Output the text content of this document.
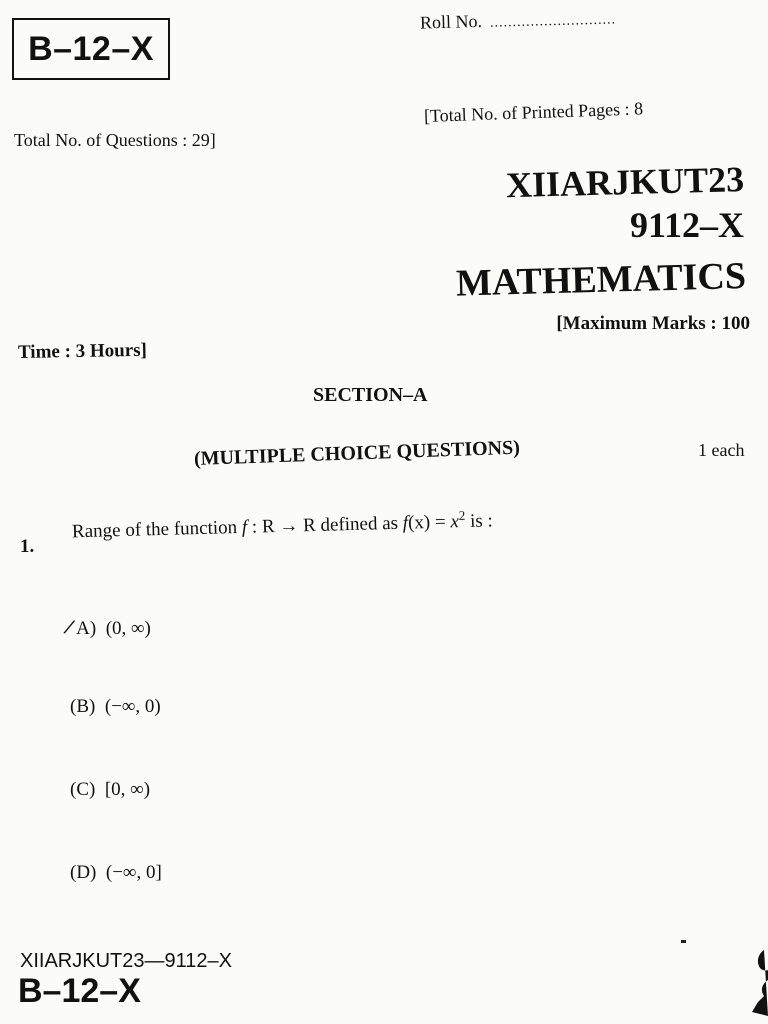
B–12–X
Roll No. ............................
Total No. of Questions : 29]
[Total No. of Printed Pages : 8
XIIARJKUT23
9112–X
MATHEMATICS
[Maximum Marks : 100
Time : 3 Hours]
SECTION–A
(MULTIPLE CHOICE QUESTIONS)	1 each
1.
Range of the function f : R → R defined as $f(x) = x^2$ is :
/A) (0, ∞)
(B) (−∞, 0)
(C) [0, ∞)
(D) (−∞, 0]
XIIARJKUT23—9112–X
B–12–X
